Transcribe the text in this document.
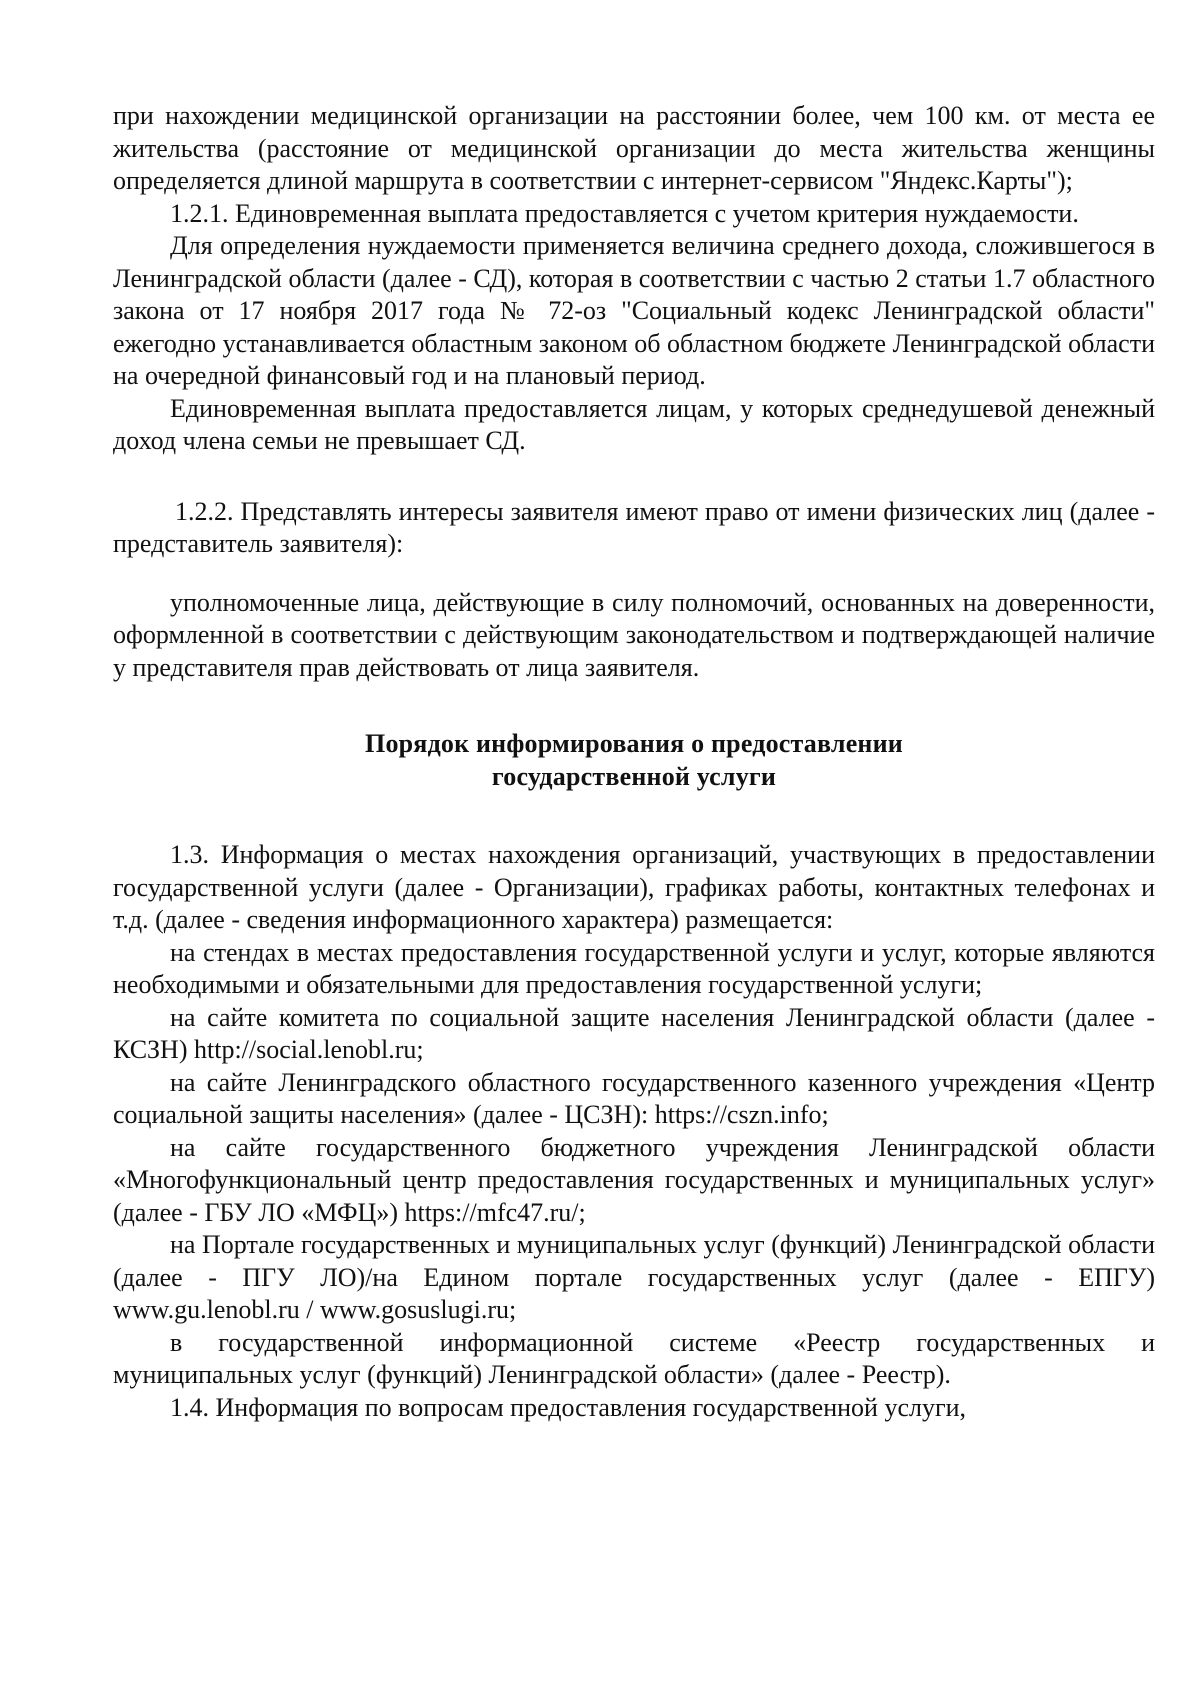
при нахождении медицинской организации на расстоянии более, чем 100 км. от места ее жительства (расстояние от медицинской организации до места жительства женщины определяется длиной маршрута в соответствии с интернет-сервисом "Яндекс.Карты");

1.2.1. Единовременная выплата предоставляется с учетом критерия нуждаемости.

Для определения нуждаемости применяется величина среднего дохода, сложившегося в Ленинградской области (далее - СД), которая в соответствии с частью 2 статьи 1.7 областного закона от 17 ноября 2017 года № 72-оз "Социальный кодекс Ленинградской области" ежегодно устанавливается областным законом об областном бюджете Ленинградской области на очередной финансовый год и на плановый период.

Единовременная выплата предоставляется лицам, у которых среднедушевой денежный доход члена семьи не превышает СД.

1.2.2. Представлять интересы заявителя имеют право от имени физических лиц (далее - представитель заявителя):

уполномоченные лица, действующие в силу полномочий, основанных на доверенности, оформленной в соответствии с действующим законодательством и подтверждающей наличие у представителя прав действовать от лица заявителя.

Порядок информирования о предоставлении

государственной услуги

1.3. Информация о местах нахождения организаций, участвующих в предоставлении государственной услуги (далее - Организации), графиках работы, контактных телефонах и т.д. (далее - сведения информационного характера) размещается:

на стендах в местах предоставления государственной услуги и услуг, которые являются необходимыми и обязательными для предоставления государственной услуги;

на сайте комитета по социальной защите населения Ленинградской области (далее - КСЗН) http://social.lenobl.ru;

на сайте Ленинградского областного государственного казенного учреждения «Центр социальной защиты населения» (далее - ЦСЗН): https://cszn.info;

на сайте государственного бюджетного учреждения Ленинградской области «Многофункциональный центр предоставления государственных и муниципальных услуг» (далее - ГБУ ЛО «МФЦ») https://mfc47.ru/;

на Портале государственных и муниципальных услуг (функций) Ленинградской области (далее - ПГУ ЛО)/на Едином портале государственных услуг (далее - ЕПГУ) www.gu.lenobl.ru / www.gosuslugi.ru;

в государственной информационной системе «Реестр государственных и муниципальных услуг (функций) Ленинградской области» (далее - Реестр).

1.4. Информация по вопросам предоставления государственной услуги,
